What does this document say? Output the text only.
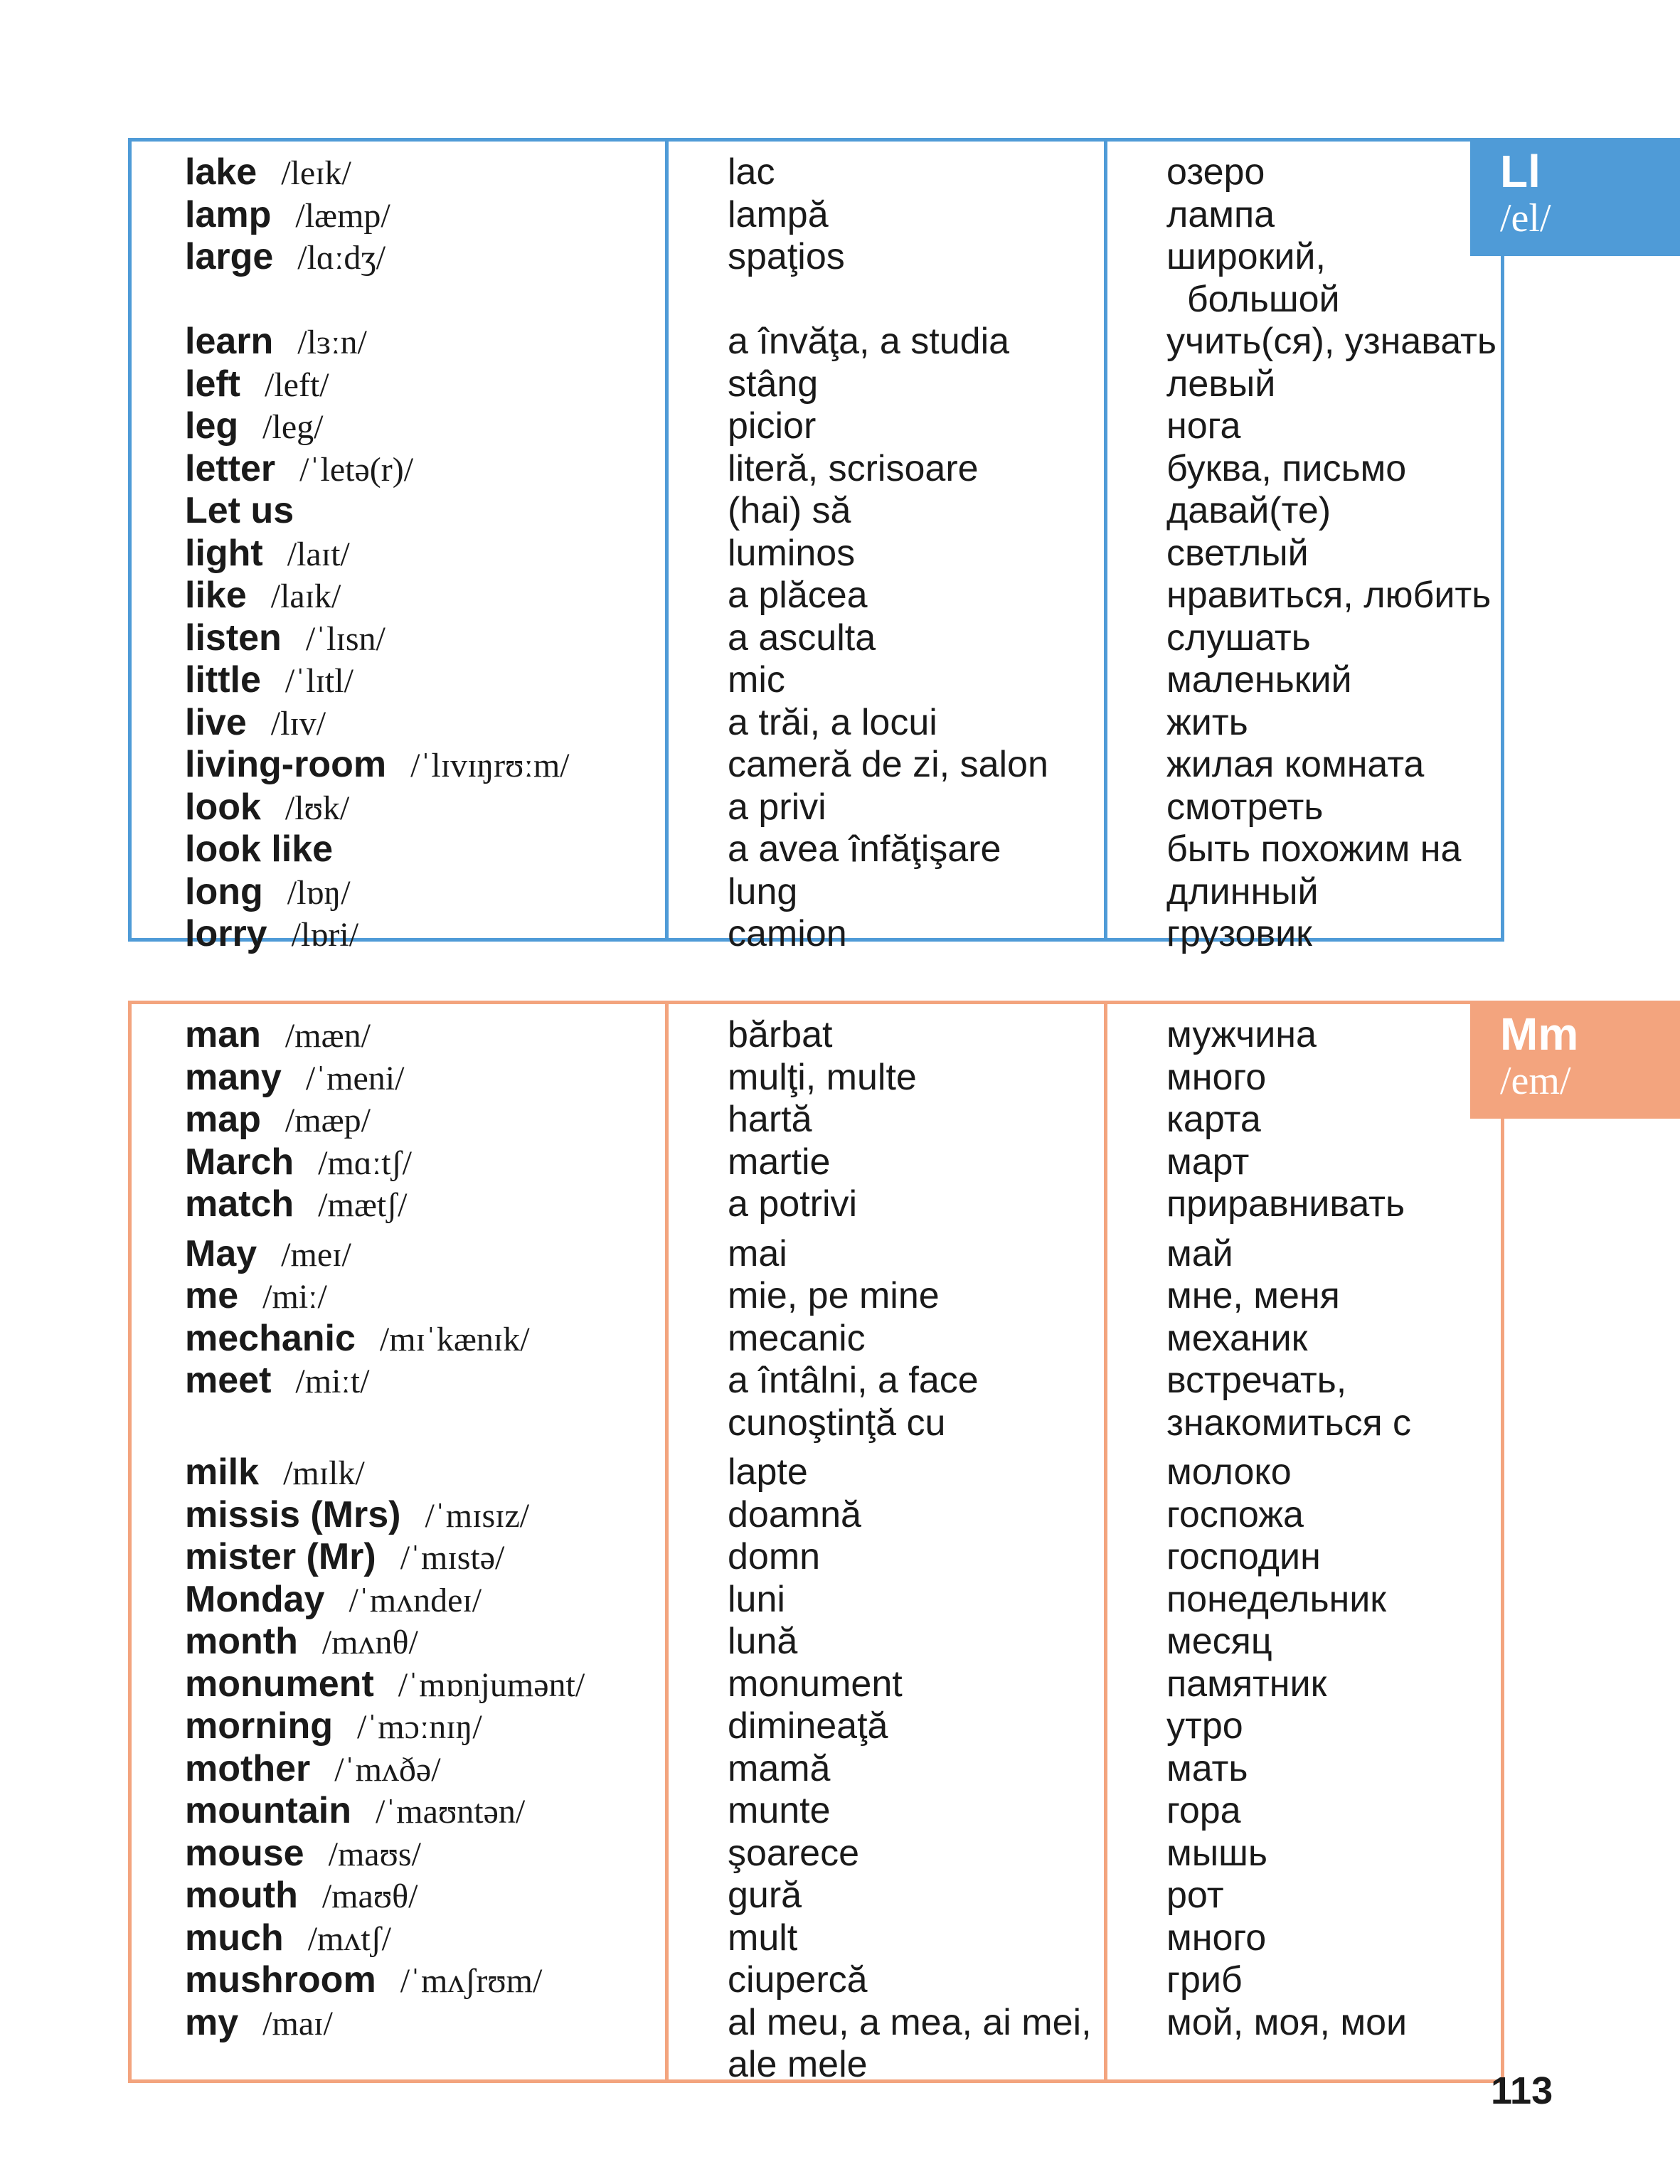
lake /leɪk/
lamp /læmp/
large /lɑːdʒ/
learn /lɜːn/
left /left/
leg /leg/
letter /ˈletə(r)/
Let us
light /laɪt/
like /laɪk/
listen /ˈlɪsn/
little /ˈlɪtl/
live /lɪv/
living-room /ˈlɪvɪŋrʊːm/
look /lʊk/
look like
long /lɒŋ/
lorry /lɒri/
lac
lampă
spaţios
a învăţa, a studia
stâng
picior
literă, scrisoare
(hai) să
luminos
a plăcea
a asculta
mic
a trăi, a locui
cameră de zi, salon
a privi
a avea înfăţişare
lung
camion
озеро
лампа
широкий,
большой
учить(ся), узнавать
левый
нога
буква, письмо
давай(те)
светлый
нравиться, любить
слушать
маленький
жить
жилая комната
смотреть
быть похожим на
длинный
грузовик
Ll
/el/
man /mæn/
many /ˈmeni/
map /mæp/
March /mɑːtʃ/
match /mætʃ/
May /meɪ/
me /miː/
mechanic /mɪˈkænɪk/
meet /miːt/
milk /mɪlk/
missis (Mrs) /ˈmɪsɪz/
mister (Mr) /ˈmɪstə/
Monday /ˈmʌndeɪ/
month /mʌnθ/
monument /ˈmɒnjumənt/
morning /ˈmɔːnɪŋ/
mother /ˈmʌðə/
mountain /ˈmaʊntən/
mouse /maʊs/
mouth /maʊθ/
much /mʌtʃ/
mushroom /ˈmʌʃrʊm/
my /maɪ/
bărbat
mulţi, multe
hartă
martie
a potrivi
mai
mie, pe mine
mecanic
a întâlni, a face
cunoştinţă cu
lapte
doamnă
domn
luni
lună
monument
dimineaţă
mamă
munte
şoarece
gură
mult
ciupercă
al meu, a mea, ai mei,
ale mele
мужчина
много
карта
март
приравнивать
май
мне, меня
механик
встречать,
знакомиться с
молоко
госпожа
господин
понедельник
месяц
памятник
утро
мать
гора
мышь
рот
много
гриб
мой, моя, мои
Mm
/em/
113
